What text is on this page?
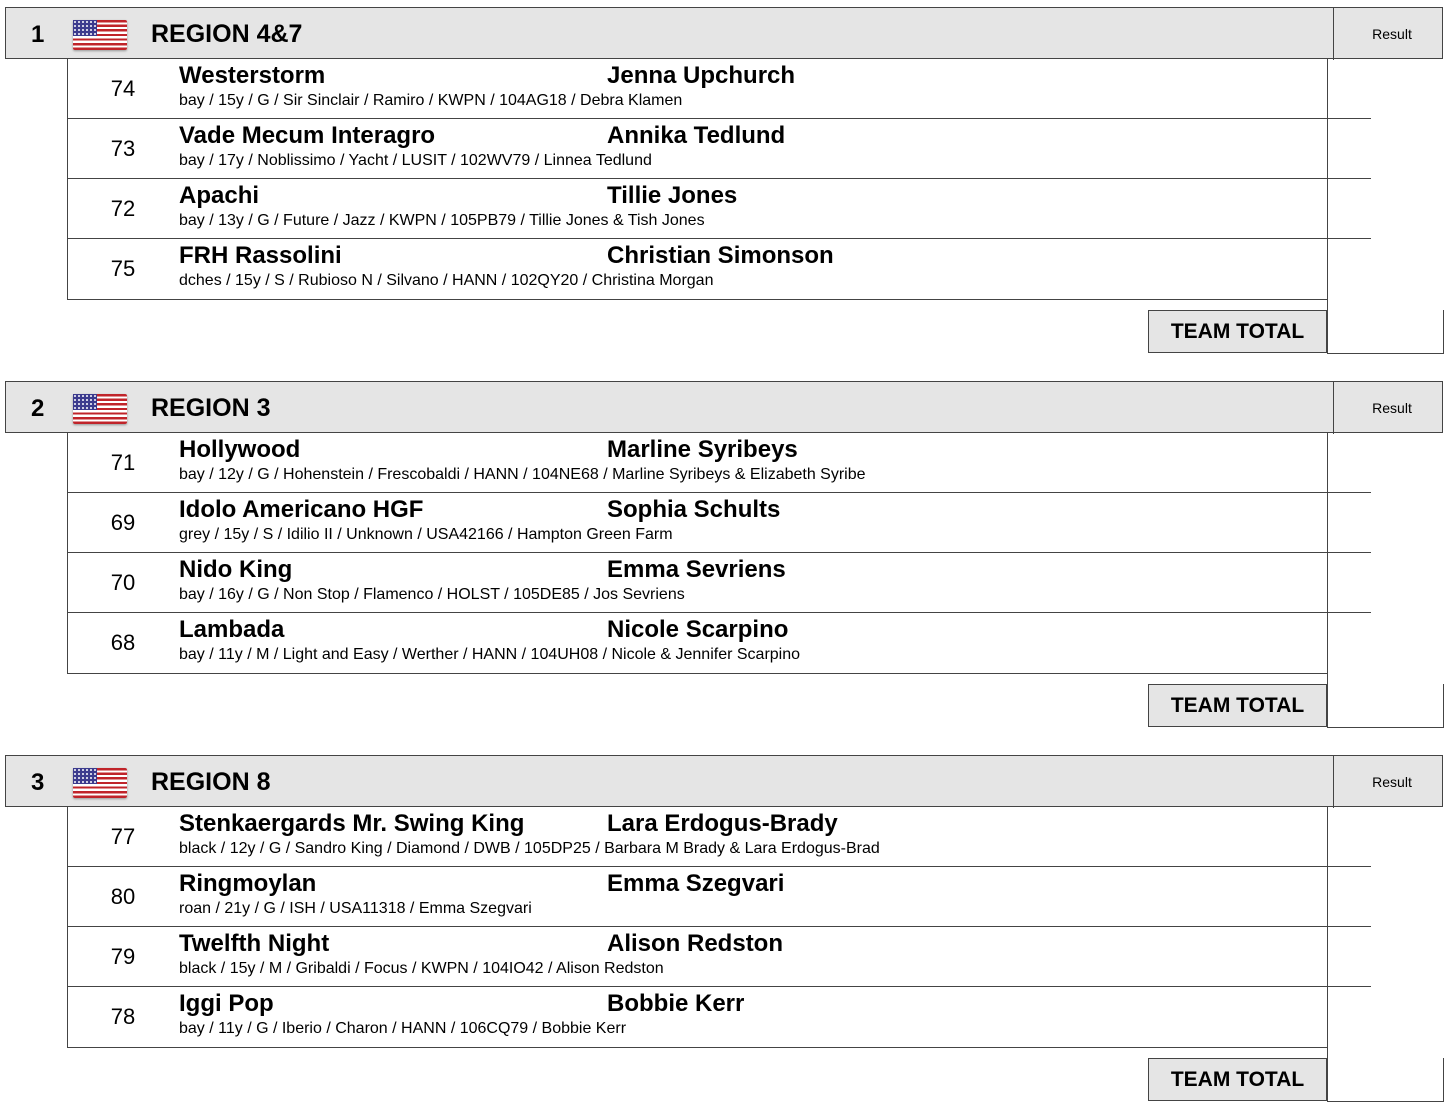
1	REGION 4&7	Result
74	Westerstorm	Jenna Upchurch
bay / 15y / G / Sir Sinclair / Ramiro / KWPN / 104AG18 / Debra Klamen
73	Vade Mecum Interagro	Annika Tedlund
bay / 17y / Noblissimo / Yacht / LUSIT / 102WV79 / Linnea Tedlund
72	Apachi	Tillie Jones
bay / 13y / G / Future / Jazz / KWPN / 105PB79 / Tillie Jones & Tish Jones
75	FRH Rassolini	Christian Simonson
dches / 15y / S / Rubioso N / Silvano / HANN / 102QY20 / Christina Morgan
TEAM TOTAL
2	REGION 3	Result
71	Hollywood	Marline Syribeys
bay / 12y / G / Hohenstein / Frescobaldi / HANN / 104NE68 / Marline Syribeys & Elizabeth Syribe
69	Idolo Americano HGF	Sophia Schults
grey / 15y / S / Idilio II / Unknown / USA42166 / Hampton Green Farm
70	Nido King	Emma Sevriens
bay / 16y / G / Non Stop / Flamenco / HOLST / 105DE85 / Jos Sevriens
68	Lambada	Nicole Scarpino
bay / 11y / M / Light and Easy / Werther / HANN / 104UH08 / Nicole & Jennifer Scarpino
TEAM TOTAL
3	REGION 8	Result
77	Stenkaergards Mr. Swing King	Lara Erdogus-Brady
black / 12y / G / Sandro King / Diamond / DWB / 105DP25 / Barbara M Brady & Lara Erdogus-Brad
80	Ringmoylan	Emma Szegvari
roan / 21y / G / ISH / USA11318 / Emma Szegvari
79	Twelfth Night	Alison Redston
black / 15y / M / Gribaldi / Focus / KWPN / 104IO42 / Alison Redston
78	Iggi Pop	Bobbie Kerr
bay / 11y / G / Iberio / Charon / HANN / 106CQ79 / Bobbie Kerr
TEAM TOTAL
